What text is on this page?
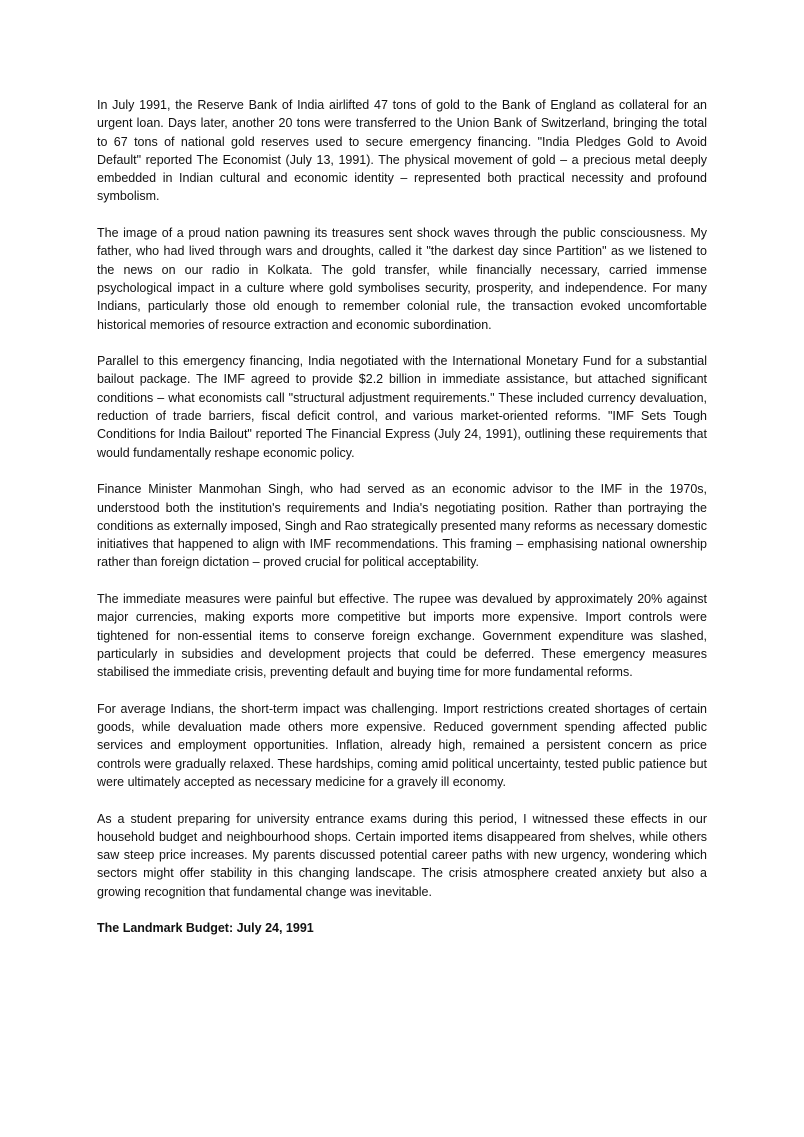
In July 1991, the Reserve Bank of India airlifted 47 tons of gold to the Bank of England as collateral for an urgent loan. Days later, another 20 tons were transferred to the Union Bank of Switzerland, bringing the total to 67 tons of national gold reserves used to secure emergency financing. "India Pledges Gold to Avoid Default" reported The Economist (July 13, 1991). The physical movement of gold – a precious metal deeply embedded in Indian cultural and economic identity – represented both practical necessity and profound symbolism.

The image of a proud nation pawning its treasures sent shock waves through the public consciousness. My father, who had lived through wars and droughts, called it "the darkest day since Partition" as we listened to the news on our radio in Kolkata. The gold transfer, while financially necessary, carried immense psychological impact in a culture where gold symbolises security, prosperity, and independence. For many Indians, particularly those old enough to remember colonial rule, the transaction evoked uncomfortable historical memories of resource extraction and economic subordination.

Parallel to this emergency financing, India negotiated with the International Monetary Fund for a substantial bailout package. The IMF agreed to provide $2.2 billion in immediate assistance, but attached significant conditions – what economists call "structural adjustment requirements." These included currency devaluation, reduction of trade barriers, fiscal deficit control, and various market-oriented reforms. "IMF Sets Tough Conditions for India Bailout" reported The Financial Express (July 24, 1991), outlining these requirements that would fundamentally reshape economic policy.

Finance Minister Manmohan Singh, who had served as an economic advisor to the IMF in the 1970s, understood both the institution's requirements and India's negotiating position. Rather than portraying the conditions as externally imposed, Singh and Rao strategically presented many reforms as necessary domestic initiatives that happened to align with IMF recommendations. This framing – emphasising national ownership rather than foreign dictation – proved crucial for political acceptability.

The immediate measures were painful but effective. The rupee was devalued by approximately 20% against major currencies, making exports more competitive but imports more expensive. Import controls were tightened for non-essential items to conserve foreign exchange. Government expenditure was slashed, particularly in subsidies and development projects that could be deferred. These emergency measures stabilised the immediate crisis, preventing default and buying time for more fundamental reforms.

For average Indians, the short-term impact was challenging. Import restrictions created shortages of certain goods, while devaluation made others more expensive. Reduced government spending affected public services and employment opportunities. Inflation, already high, remained a persistent concern as price controls were gradually relaxed. These hardships, coming amid political uncertainty, tested public patience but were ultimately accepted as necessary medicine for a gravely ill economy.

As a student preparing for university entrance exams during this period, I witnessed these effects in our household budget and neighbourhood shops. Certain imported items disappeared from shelves, while others saw steep price increases. My parents discussed potential career paths with new urgency, wondering which sectors might offer stability in this changing landscape. The crisis atmosphere created anxiety but also a growing recognition that fundamental change was inevitable.

The Landmark Budget: July 24, 1991
